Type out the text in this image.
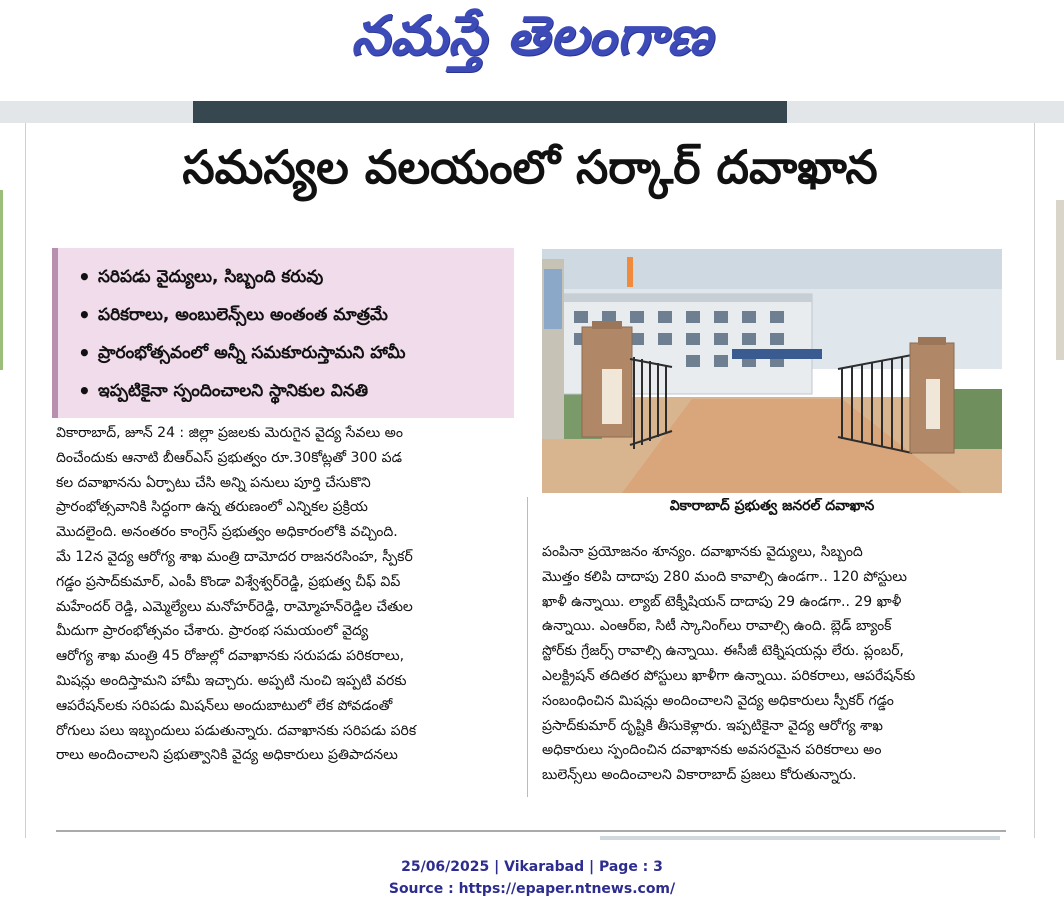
నమస్తే తెలంగాణ
సమస్యల వలయంలో సర్కార్ దవాఖాన
• సరిపడు వైద్యులు, సిబ్బంది కరువు
• పరికరాలు, అంబులెన్స్‌లు అంతంత మాత్రమే
• ప్రారంభోత్సవంలో అన్నీ సమకూరుస్తామని హామీ
• ఇప్పటికైనా స్పందించాలని స్థానికుల వినతి
వికారాబాద్ ప్రభుత్వ జనరల్ దవాఖాన

వికారాబాద్, జూన్ 24 : జిల్లా ప్రజలకు మెరుగైన వైద్య సేవలు అం

దించేందుకు ఆనాటి బీఆర్‌ఎస్ ప్రభుత్వం రూ.30కోట్లతో 300 పడ

కల దవాఖానను ఏర్పాటు చేసి అన్ని పనులు పూర్తి చేసుకొని

ప్రారంభోత్సవానికి సిద్ధంగా ఉన్న తరుణంలో ఎన్నికల ప్రక్రియ

మొదలైంది. అనంతరం కాంగ్రెస్ ప్రభుత్వం అధికారంలోకి వచ్చింది.

మే 12న వైద్య ఆరోగ్య శాఖ మంత్రి దామోదర రాజనరసింహ, స్పీకర్

గడ్డం ప్రసాద్‌కుమార్, ఎంపీ కొండా విశ్వేశ్వర్‌రెడ్డి, ప్రభుత్వ చీఫ్ విప్

మహేందర్ రెడ్డి, ఎమ్మెల్యేలు మనోహర్‌రెడ్డి, రామ్మోహన్‌రెడ్డిల చేతుల

మీదుగా ప్రారంభోత్సవం చేశారు. ప్రారంభ సమయంలో వైద్య

ఆరోగ్య శాఖ మంత్రి 45 రోజుల్లో దవాఖానకు సరుపడు పరికరాలు,

మిషన్లు అందిస్తామని హామీ ఇచ్చారు. అప్పటి నుంచి ఇప్పటి వరకు

ఆపరేషన్‌లకు సరిపడు మిషన్‌లు అందుబాటులో లేక పోవడంతో

రోగులు పలు ఇబ్బందులు పడుతున్నారు. దవాఖానకు సరిపడు పరిక

రాలు అందించాలని ప్రభుత్వానికి వైద్య అధికారులు ప్రతిపాదనలు

పంపినా ప్రయోజనం శూన్యం. దవాఖానకు వైద్యులు, సిబ్బంది

మొత్తం కలిపి దాదాపు 280 మంది కావాల్సి ఉండగా.. 120 పోస్టులు

ఖాళీ ఉన్నాయి. ల్యాబ్ టెక్నీషియన్ దాదాపు 29 ఉండగా.. 29 ఖాళీ

ఉన్నాయి. ఎంఆర్‌ఐ, సిటీ స్కానింగ్‌లు రావాల్సి ఉంది. బ్లెడ్ బ్యాంక్

స్టోర్‌కు గ్రేజర్స్ రావాల్సి ఉన్నాయి. ఈసీజీ టెక్నిషయన్లు లేరు. ప్లంబర్,

ఎలక్ట్రిషన్ తదితర పోస్టులు ఖాళీగా ఉన్నాయి. పరికరాలు, ఆపరేషన్‌కు

సంబంధించిన మిషన్లు అందించాలని వైద్య అధికారులు స్పీకర్ గడ్డం

ప్రసాద్‌కుమార్ దృష్టికి తీసుకెళ్లారు. ఇప్పటికైనా వైద్య ఆరోగ్య శాఖ

అధికారులు స్పందించిన దవాఖానకు అవసరమైన పరికరాలు అం

బులెన్స్‌లు అందించాలని వికారాబాద్ ప్రజలు కోరుతున్నారు.

25/06/2025 | Vikarabad | Page : 3
Source : https://epaper.ntnews.com/
